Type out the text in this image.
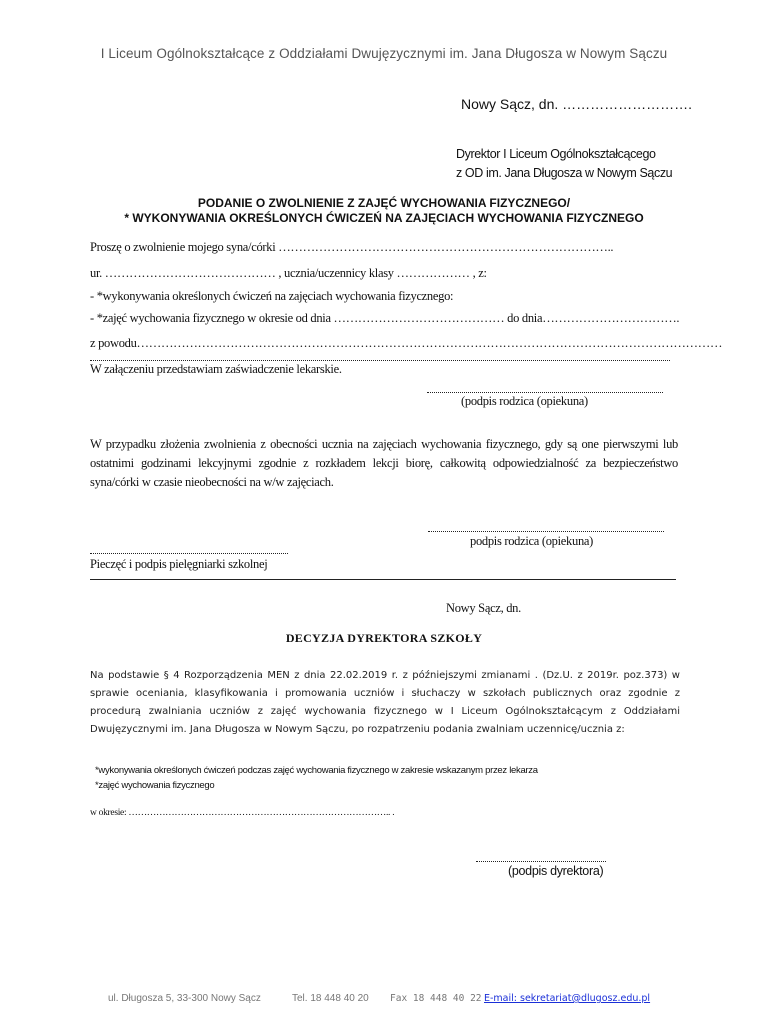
I Liceum Ogólnokształcące z Oddziałami Dwujęzycznymi im. Jana Długosza w Nowym Sączu
Nowy Sącz, dn. ……………………….
Dyrektor I Liceum Ogólnokształcącego
z OD im. Jana Długosza w Nowym Sączu
PODANIE O ZWOLNIENIE Z ZAJĘĆ WYCHOWANIA FIZYCZNEGO/
* WYKONYWANIA OKREŚLONYCH ĆWICZEŃ NA ZAJĘCIACH WYCHOWANIA FIZYCZNEGO
Proszę o zwolnienie mojego syna/córki ………………………………………………………………………..
ur. …………………………………… , ucznia/uczennicy klasy ……………… , z:
- *wykonywania określonych ćwiczeń na zajęciach wychowania fizycznego:
- *zajęć wychowania fizycznego w okresie od dnia …………………………………… do dnia…………………………….
z powodu………………………………………………………………………………………………………………………………
W załączeniu przedstawiam zaświadczenie lekarskie.
(podpis rodzica (opiekuna)
W przypadku złożenia zwolnienia z obecności ucznia na zajęciach wychowania fizycznego, gdy są one pierwszymi lub ostatnimi godzinami lekcyjnymi zgodnie z rozkładem lekcji biorę, całkowitą odpowiedzialność za bezpieczeństwo syna/córki w czasie nieobecności na w/w zajęciach.
podpis rodzica (opiekuna)
Pieczęć i podpis pielęgniarki szkolnej
Nowy Sącz, dn.
DECYZJA DYREKTORA SZKOŁY
Na podstawie § 4 Rozporządzenia MEN z dnia 22.02.2019 r. z późniejszymi zmianami . (Dz.U. z 2019r. poz.373) w sprawie oceniania, klasyfikowania i promowania uczniów i słuchaczy w szkołach publicznych oraz zgodnie z procedurą zwalniania uczniów z zajęć wychowania fizycznego w I Liceum Ogólnokształcącym z Oddziałami Dwujęzycznymi im. Jana Długosza w Nowym Sączu, po rozpatrzeniu podania zwalniam uczennicę/ucznia z:
*wykonywania określonych ćwiczeń podczas zajęć wychowania fizycznego w zakresie wskazanym przez lekarza
*zajęć wychowania fizycznego
w okresie: ………………………………………………………………………….. .
(podpis dyrektora)
ul. Długosza 5, 33-300 Nowy Sącz	Tel. 18 448 40 20 Fax 18 448 40 22 E-mail: sekretariat@dlugosz.edu.pl
